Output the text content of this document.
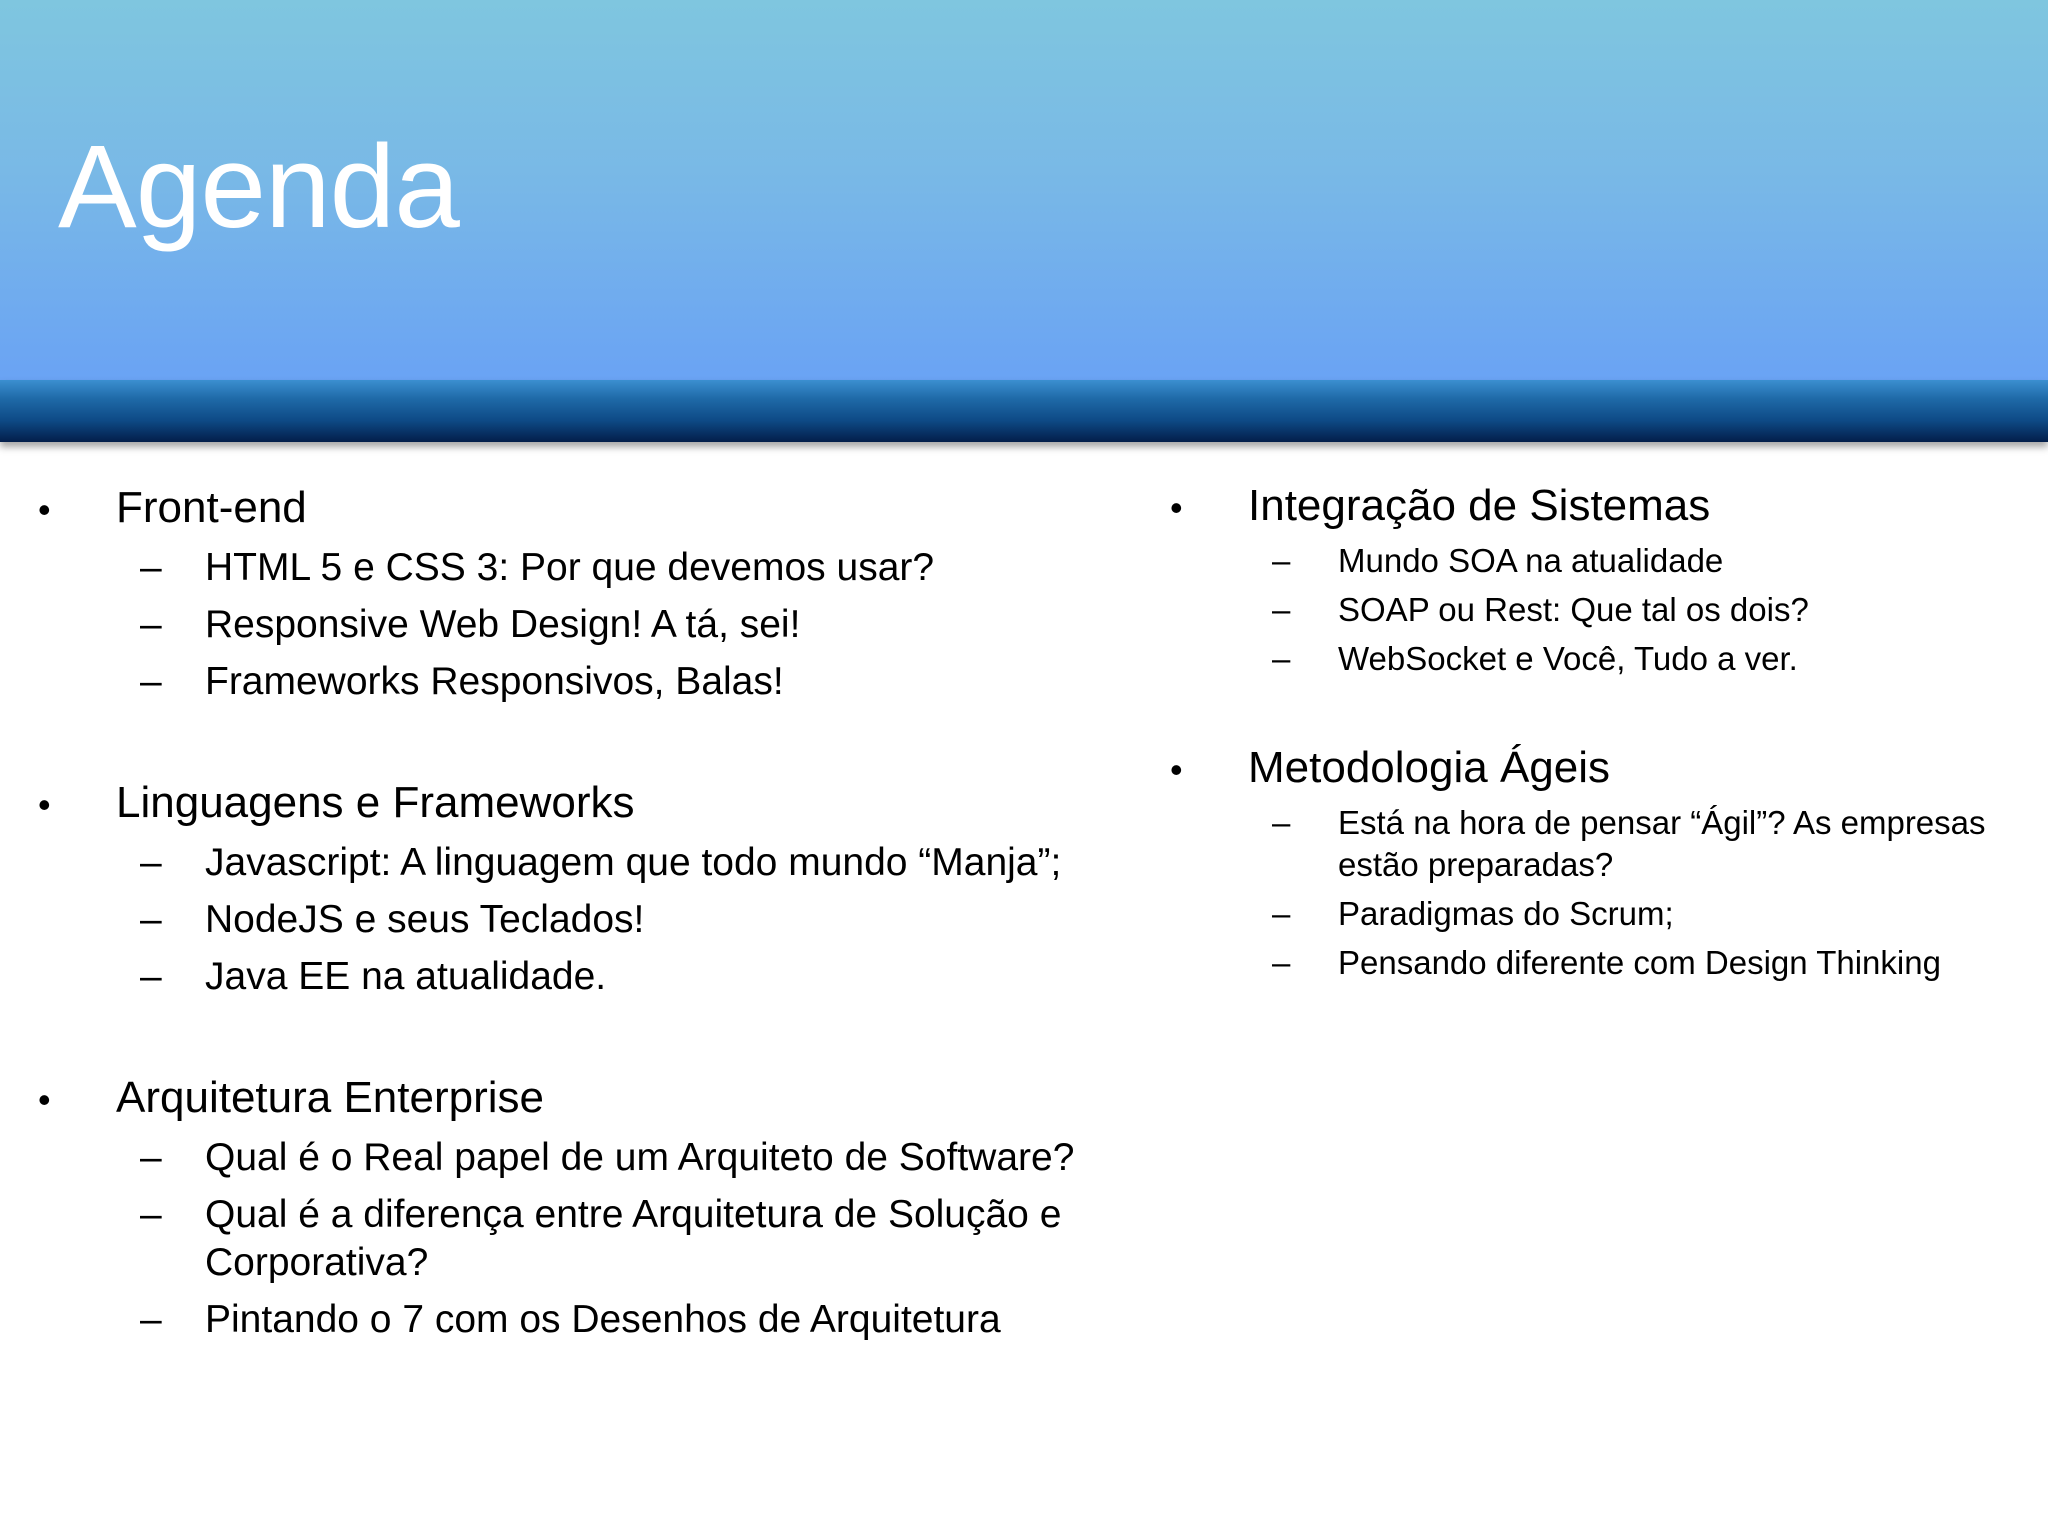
Agenda
• Front-end
– HTML 5 e CSS 3: Por que devemos usar?
– Responsive Web Design! A tá, sei!
– Frameworks Responsivos, Balas!
• Linguagens e Frameworks
– Javascript: A linguagem que todo mundo “Manja”;
– NodeJS e seus Teclados!
– Java EE na atualidade.
• Arquitetura Enterprise
– Qual é o Real papel de um Arquiteto de Software?
– Qual é a diferença entre Arquitetura de Solução e Corporativa?
– Pintando o 7 com os Desenhos de Arquitetura
• Integração de Sistemas
– Mundo SOA na atualidade
– SOAP ou Rest: Que tal os dois?
– WebSocket e Você, Tudo a ver.
• Metodologia Ágeis
– Está na hora de pensar “Ágil”? As empresas estão preparadas?
– Paradigmas do Scrum;
– Pensando diferente com Design Thinking
